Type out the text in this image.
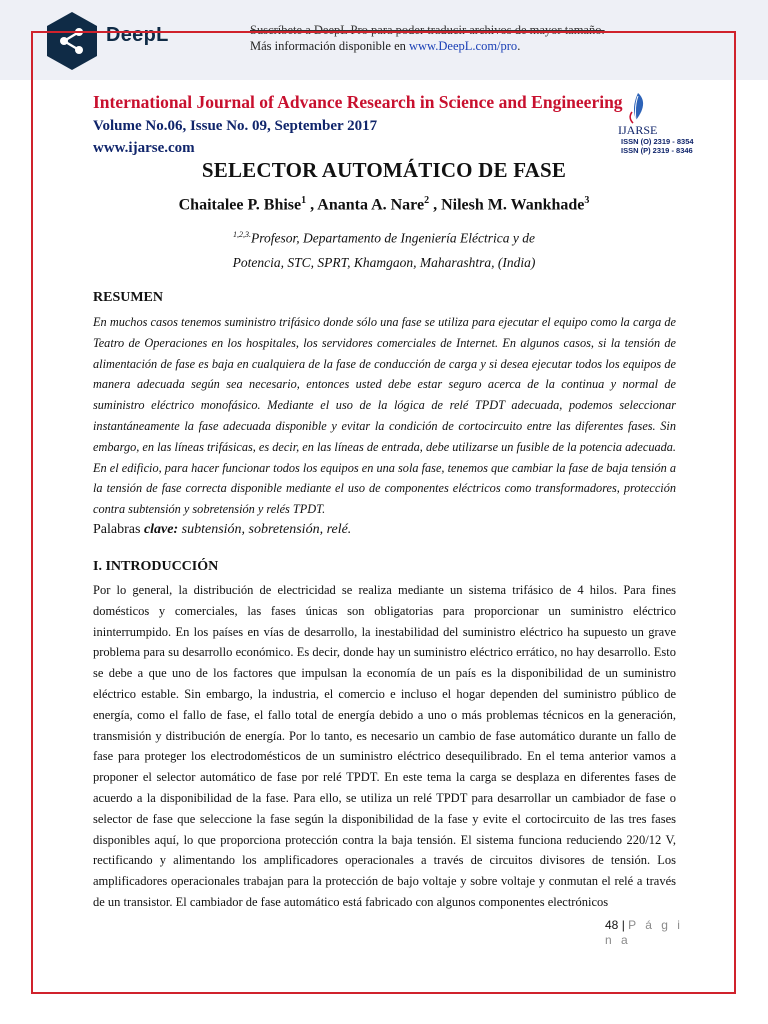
DeepL	Suscríbete a DeepL Pro para poder traducir archivos de mayor tamaño.
Más información disponible en www.DeepL.com/pro.
International Journal of Advance Research in Science and Engineering
Volume No.06, Issue No. 09, September 2017
www.ijarse.com
IJARSE
ISSN (O) 2319 - 8354
ISSN (P) 2319 - 8346
SELECTOR AUTOMÁTICO DE FASE
Chaitalee P. Bhise$^1$ , Ananta A. Nare$^2$ , Nilesh M. Wankhade$^3$
$^{1,2,3.}$Profesor, Departamento de Ingeniería Eléctrica y de
Potencia, STC, SPRT, Khamgaon, Maharashtra, (India)
RESUMEN
En muchos casos tenemos suministro trifásico donde sólo una fase se utiliza para ejecutar el equipo como la carga de Teatro de Operaciones en los hospitales, los servidores comerciales de Internet. En algunos casos, si la tensión de alimentación de fase es baja en cualquiera de la fase de conducción de carga y si desea ejecutar todos los equipos de manera adecuada según sea necesario, entonces usted debe estar seguro acerca de la continua y normal de suministro eléctrico monofásico. Mediante el uso de la lógica de relé TPDT adecuada, podemos seleccionar instantáneamente la fase adecuada disponible y evitar la condición de cortocircuito entre las diferentes fases. Sin embargo, en las líneas trifásicas, es decir, en las líneas de entrada, debe utilizarse un fusible de la potencia adecuada. En el edificio, para hacer funcionar todos los equipos en una sola fase, tenemos que cambiar la fase de baja tensión a la tensión de fase correcta disponible mediante el uso de componentes eléctricos como transformadores, protección contra subtensión y sobretensión y relés TPDT.
Palabras clave: subtensión, sobretensión, relé.
I. INTRODUCCIÓN
Por lo general, la distribución de electricidad se realiza mediante un sistema trifásico de 4 hilos. Para fines domésticos y comerciales, las fases únicas son obligatorias para proporcionar un suministro eléctrico ininterrumpido. En los países en vías de desarrollo, la inestabilidad del suministro eléctrico ha supuesto un grave problema para su desarrollo económico. Es decir, donde hay un suministro eléctrico errático, no hay desarrollo. Esto se debe a que uno de los factores que impulsan la economía de un país es la disponibilidad de un suministro eléctrico estable. Sin embargo, la industria, el comercio e incluso el hogar dependen del suministro público de energía, como el fallo de fase, el fallo total de energía debido a uno o más problemas técnicos en la generación, transmisión y distribución de energía. Por lo tanto, es necesario un cambio de fase automático durante un fallo de fase para proteger los electrodomésticos de un suministro eléctrico desequilibrado. En el tema anterior vamos a proponer el selector automático de fase por relé TPDT. En este tema la carga se desplaza en diferentes fases de acuerdo a la disponibilidad de la fase. Para ello, se utiliza un relé TPDT para desarrollar un cambiador de fase o selector de fase que seleccione la fase según la disponibilidad de la fase y evite el cortocircuito de las tres fases disponibles aquí, lo que proporciona protección contra la baja tensión. El sistema funciona reduciendo 220/12 V, rectificando y alimentando los amplificadores operacionales a través de circuitos divisores de tensión. Los amplificadores operacionales trabajan para la protección de bajo voltaje y sobre voltaje y conmutan el relé a través de un transistor. El cambiador de fase automático está fabricado con algunos componentes electrónicos
48 | P á g i
n a
